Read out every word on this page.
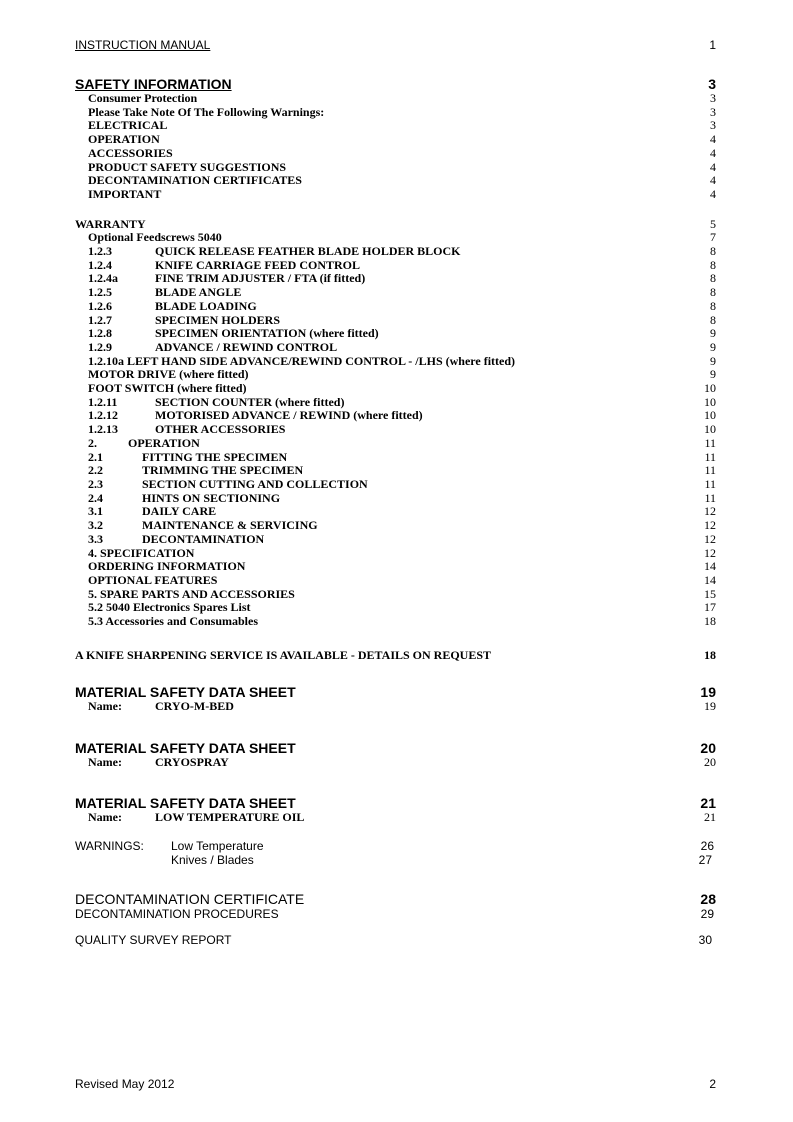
INSTRUCTION MANUAL	1
SAFETY INFORMATION	3
Consumer Protection	3
Please Take Note Of The Following Warnings:	3
ELECTRICAL	3
OPERATION	4
ACCESSORIES	4
PRODUCT SAFETY SUGGESTIONS	4
DECONTAMINATION CERTIFICATES	4
IMPORTANT	4
WARRANTY	5
Optional Feedscrews 5040	7
1.2.3	QUICK RELEASE FEATHER BLADE HOLDER BLOCK	8
1.2.4	KNIFE CARRIAGE FEED CONTROL	8
1.2.4a	FINE TRIM ADJUSTER / FTA (if fitted)	8
1.2.5	BLADE ANGLE	8
1.2.6	BLADE LOADING	8
1.2.7	SPECIMEN HOLDERS	8
1.2.8	SPECIMEN ORIENTATION (where fitted)	9
1.2.9	ADVANCE / REWIND CONTROL	9
1.2.10a LEFT HAND SIDE ADVANCE/REWIND CONTROL - /LHS (where fitted)	9
MOTOR DRIVE (where fitted)	9
FOOT SWITCH (where fitted)	10
1.2.11	SECTION COUNTER (where fitted)	10
1.2.12	MOTORISED ADVANCE / REWIND (where fitted)	10
1.2.13	OTHER ACCESSORIES	10
2.	OPERATION	11
2.1	FITTING THE SPECIMEN	11
2.2	TRIMMING THE SPECIMEN	11
2.3	SECTION CUTTING AND COLLECTION	11
2.4	HINTS ON SECTIONING	11
3.1	DAILY CARE	12
3.2	MAINTENANCE & SERVICING	12
3.3	DECONTAMINATION	12
4. SPECIFICATION	12
ORDERING INFORMATION	14
OPTIONAL FEATURES	14
5. SPARE PARTS AND ACCESSORIES	15
5.2 5040 Electronics Spares List	17
5.3 Accessories and Consumables	18
A KNIFE SHARPENING SERVICE IS AVAILABLE - DETAILS ON REQUEST	18
MATERIAL SAFETY DATA SHEET	19
Name:	CRYO-M-BED	19
MATERIAL SAFETY DATA SHEET	20
Name:	CRYOSPRAY	20
MATERIAL SAFETY DATA SHEET	21
Name:	LOW TEMPERATURE OIL	21
WARNINGS: Low Temperature	26
Knives / Blades	27
DECONTAMINATION CERTIFICATE	28
DECONTAMINATION PROCEDURES	29
QUALITY SURVEY REPORT	30
Revised May 2012	2
